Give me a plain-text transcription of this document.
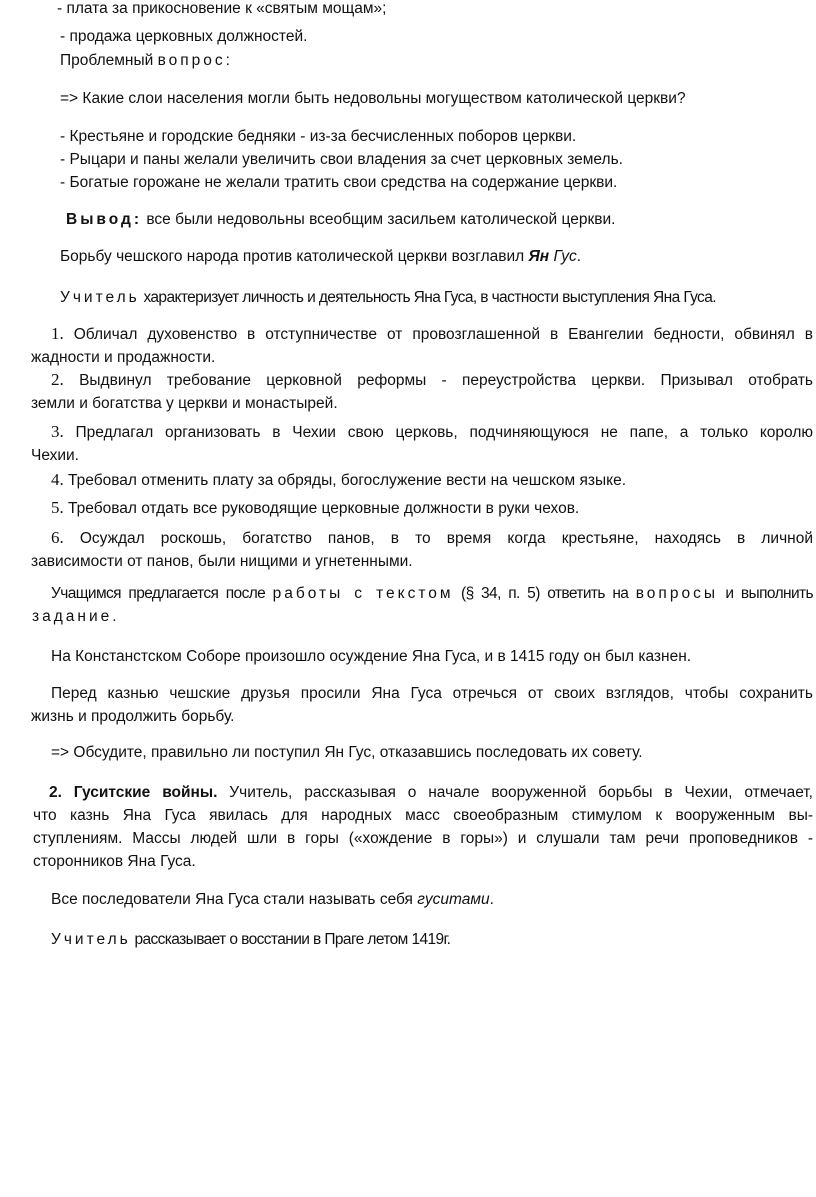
- плата за прикосновение к «святым мощам»;
- продажа церковных должностей.
Проблемный вопрос:
=> Какие слои населения могли быть недовольны могуществом католической церкви?
- Крестьяне и городские бедняки - из-за бесчисленных поборов церкви.
- Рыцари и паны желали увеличить свои владения за счет церковных земель.
- Богатые горожане не желали тратить свои средства на содержание церкви.
Вывод: все были недовольны всеобщим засильем католической церкви.
Борьбу чешского народа против католической церкви возглавил Ян Гус.
Учитель характеризует личность и деятельность Яна Гуса, в частности выступления Яна Гуса.
1. Обличал духовенство в отступничестве от провозглашенной в Евангелии бедности, обвинял в
жадности и продажности.
2. Выдвинул требование церковной реформы - переустройства церкви. Призывал отобрать
земли и богатства у церкви и монастырей.
3. Предлагал организовать в Чехии свою церковь, подчиняющуюся не папе, а только королю
Чехии.
4. Требовал отменить плату за обряды, богослужение вести на чешском языке.
5. Требовал отдать все руководящие церковные должности в руки чехов.
6. Осуждал роскошь, богатство панов, в то время когда крестьяне, находясь в личной
зависимости от панов, были нищими и угнетенными.
Учащимся предлагается после работы с текстом (§ 34, п. 5) ответить на вопросы и выполнить
задание.
На Констанстском Соборе произошло осуждение Яна Гуса, и в 1415 году он был казнен.
Перед казнью чешские друзья просили Яна Гуса отречься от своих взглядов, чтобы сохранить
жизнь и продолжить борьбу.
=> Обсудите, правильно ли поступил Ян Гус, отказавшись последовать их совету.
2. Гуситские войны. Учитель, рассказывая о начале вооруженной борьбы в Чехии, отмечает,
что казнь Яна Гуса явилась для народных масс своеобразным стимулом к вооруженным вы-
ступлениям. Массы людей шли в горы («хождение в горы») и слушали там речи проповедников -
сторонников Яна Гуса.
Все последователи Яна Гуса стали называть себя гуситами.
Учитель рассказывает о восстании в Праге летом 1419г.
